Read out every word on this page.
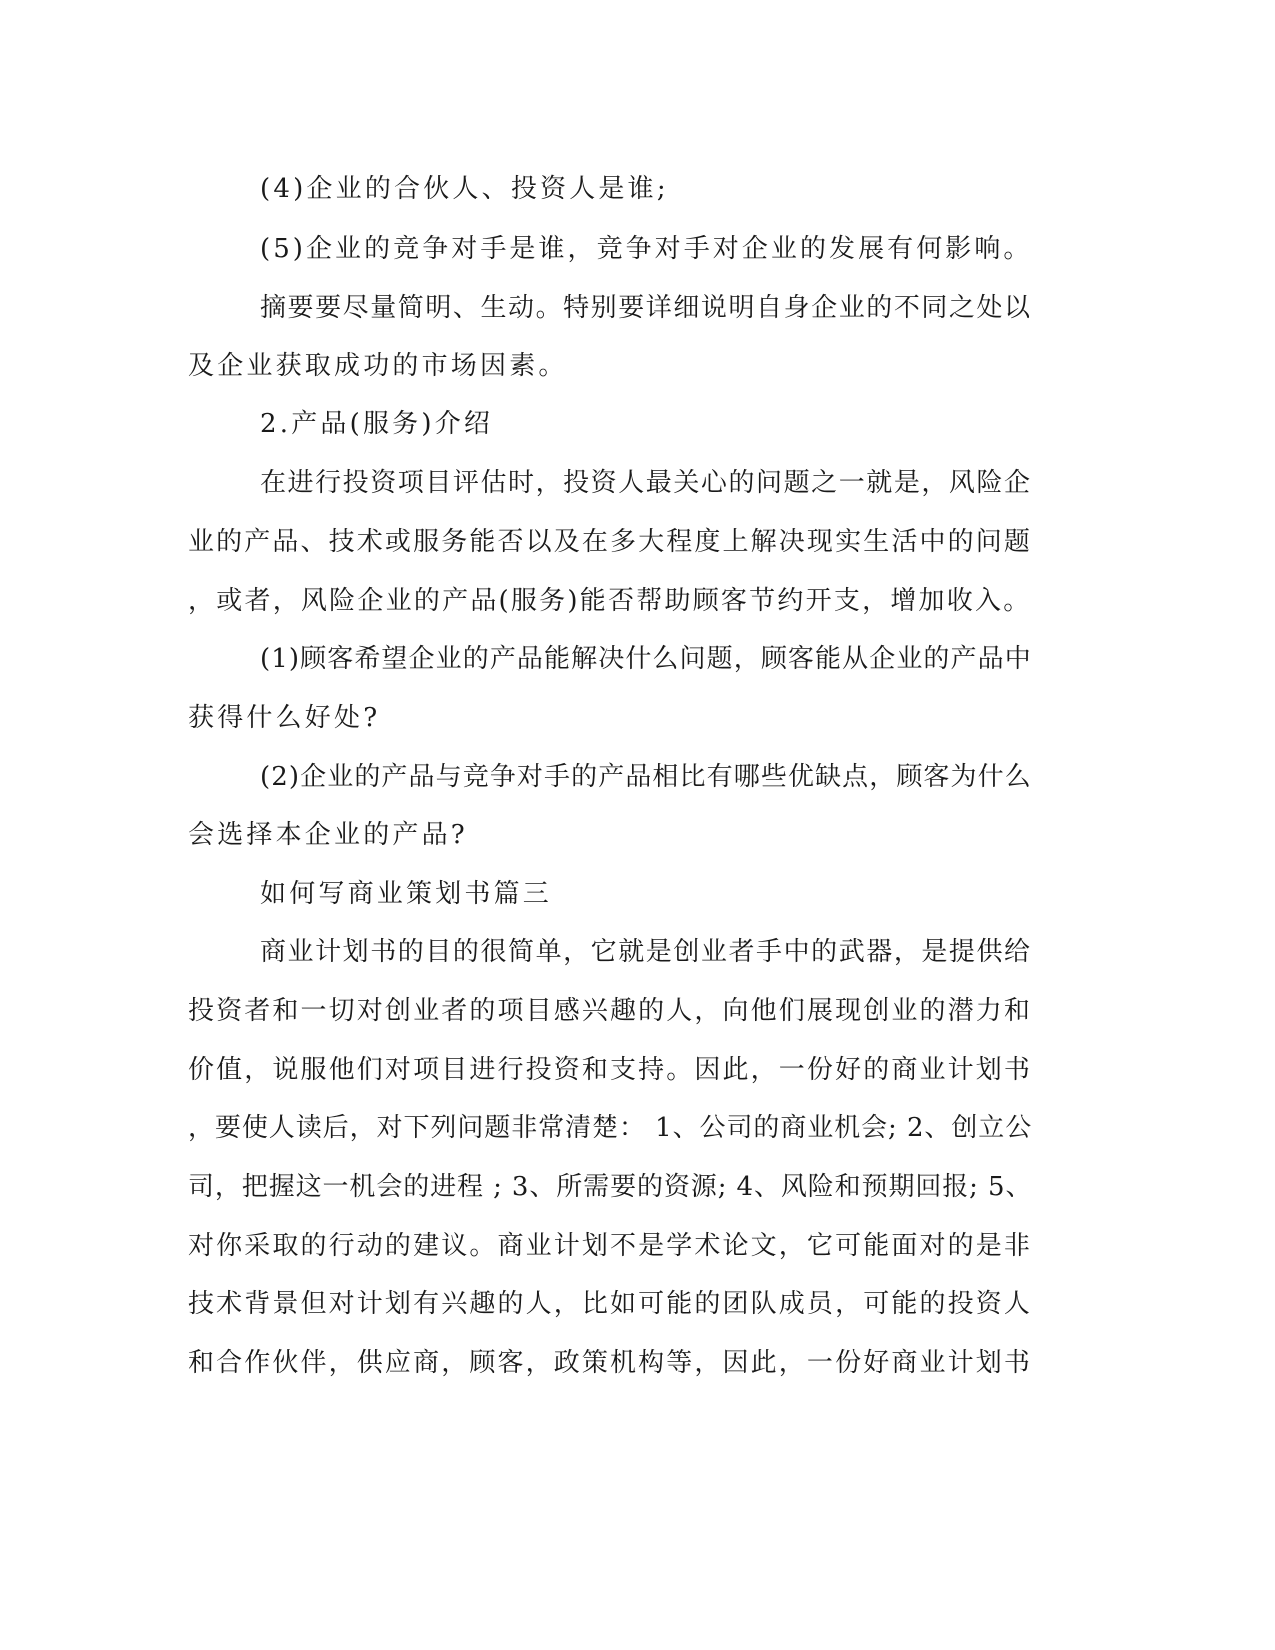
(4)企业的合伙人、投资人是谁;
(5)企业的竞争对手是谁，竞争对手对企业的发展有何影响。
摘要要尽量简明、生动。特别要详细说明自身企业的不同之处以
及企业获取成功的市场因素。
2.产品(服务)介绍
在进行投资项目评估时，投资人最关心的问题之一就是，风险企
业的产品、技术或服务能否以及在多大程度上解决现实生活中的问题
，或者，风险企业的产品(服务)能否帮助顾客节约开支，增加收入。
(1)顾客希望企业的产品能解决什么问题，顾客能从企业的产品中
获得什么好处?
(2)企业的产品与竞争对手的产品相比有哪些优缺点，顾客为什么
会选择本企业的产品?
如何写商业策划书篇三
商业计划书的目的很简单，它就是创业者手中的武器，是提供给
投资者和一切对创业者的项目感兴趣的人，向他们展现创业的潜力和
价值，说服他们对项目进行投资和支持。因此，一份好的商业计划书
，要使人读后，对下列问题非常清楚： 1、公司的商业机会; 2、创立公
司，把握这一机会的进程 ; 3、所需要的资源; 4、风险和预期回报; 5、
对你采取的行动的建议。商业计划不是学术论文，它可能面对的是非
技术背景但对计划有兴趣的人，比如可能的团队成员，可能的投资人
和合作伙伴，供应商，顾客，政策机构等，因此，一份好商业计划书
